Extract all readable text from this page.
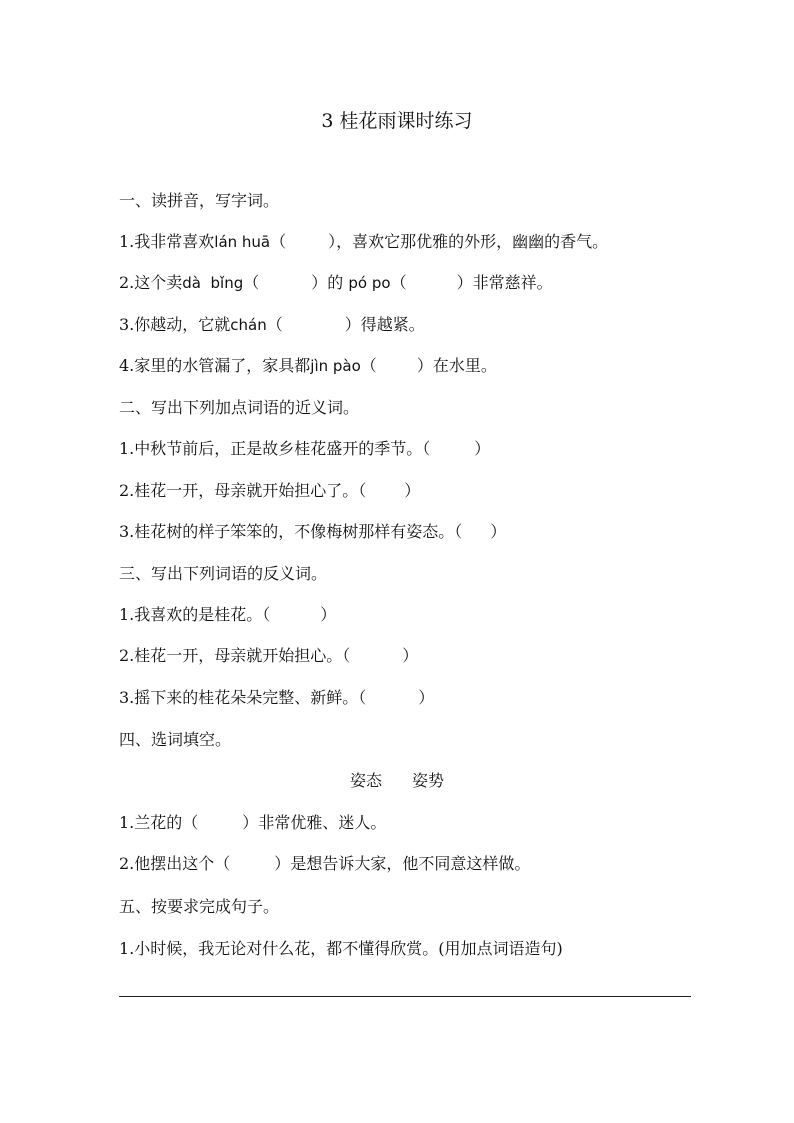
3 桂花雨课时练习
一、读拼音，写字词。
1.我非常喜欢lán huā（	），喜欢它那优雅的外形，幽幽的香气。
2.这个卖dà  bǐng（	）的 pó po（	）非常慈祥。
3.你越动，它就chán（	）得越紧。
4.家里的水管漏了，家具都jìn pào（	）在水里。
二、写出下列加点词语的近义词。
1.中秋节前后，正是故乡桂花盛开的季节。（	）
2.桂花一开，母亲就开始担心了。（ ）
3.桂花树的样子笨笨的，不像梅树那样有姿态。（ ）
三、写出下列词语的反义词。
1.我喜欢的是桂花。（	）
2.桂花一开，母亲就开始担心。（	）
3.摇下来的桂花朵朵完整、新鲜。（	）
四、选词填空。
姿态 姿势
1.兰花的（	）非常优雅、迷人。
2.他摆出这个（	）是想告诉大家，他不同意这样做。
五、按要求完成句子。
1.小时候，我无论对什么花，都不懂得欣赏。(用加点词语造句)
